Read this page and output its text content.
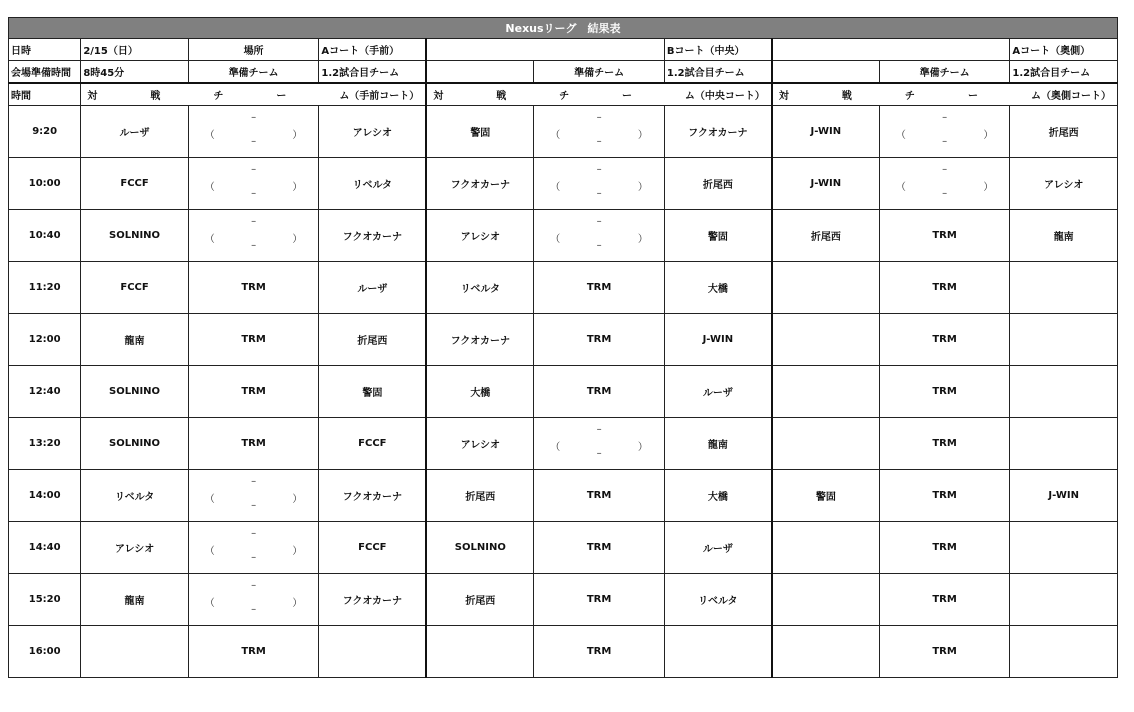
Nexusリーグ　結果表									
日時	2/15（日）	場所	Aコート（手前）			Bコート（中央）			Aコート（奥側）
会場準備時間	8時45分	準備チーム	1.2試合目チーム		準備チーム	1.2試合目チーム		準備チーム	1.2試合目チーム
時間	対 戦 チ ー ム（手前コート）			対 戦 チ ー ム（中央コート）			対 戦 チ ー ム（奥側コート）		

9:20	ルーザ	（
–
–
）	アレシオ	警固	（
–
–
）	フクオカーナ	J-WIN	（
–
–
）	折尾西
10:00	FCCF	（
–
–
）	リベルタ	フクオカーナ	（
–
–
）	折尾西	J-WIN	（
–
–
）	アレシオ
10:40	SOLNINO	（
–
–
）	フクオカーナ	アレシオ	（
–
–
）	警固	折尾西	TRM	龍南
11:20	FCCF	TRM	ルーザ	リベルタ	TRM	大橋		TRM	
12:00	龍南	TRM	折尾西	フクオカーナ	TRM	J-WIN		TRM	
12:40	SOLNINO	TRM	警固	大橋	TRM	ルーザ		TRM	
13:20	SOLNINO	TRM	FCCF	アレシオ	（
–
–
）	龍南		TRM	
14:00	リベルタ	（
–
–
）	フクオカーナ	折尾西	TRM	大橋	警固	TRM	J-WIN
14:40	アレシオ	（
–
–
）	FCCF	SOLNINO	TRM	ルーザ		TRM	
15:20	龍南	（
–
–
）	フクオカーナ	折尾西	TRM	リベルタ		TRM	
16:00		TRM			TRM			TRM	
